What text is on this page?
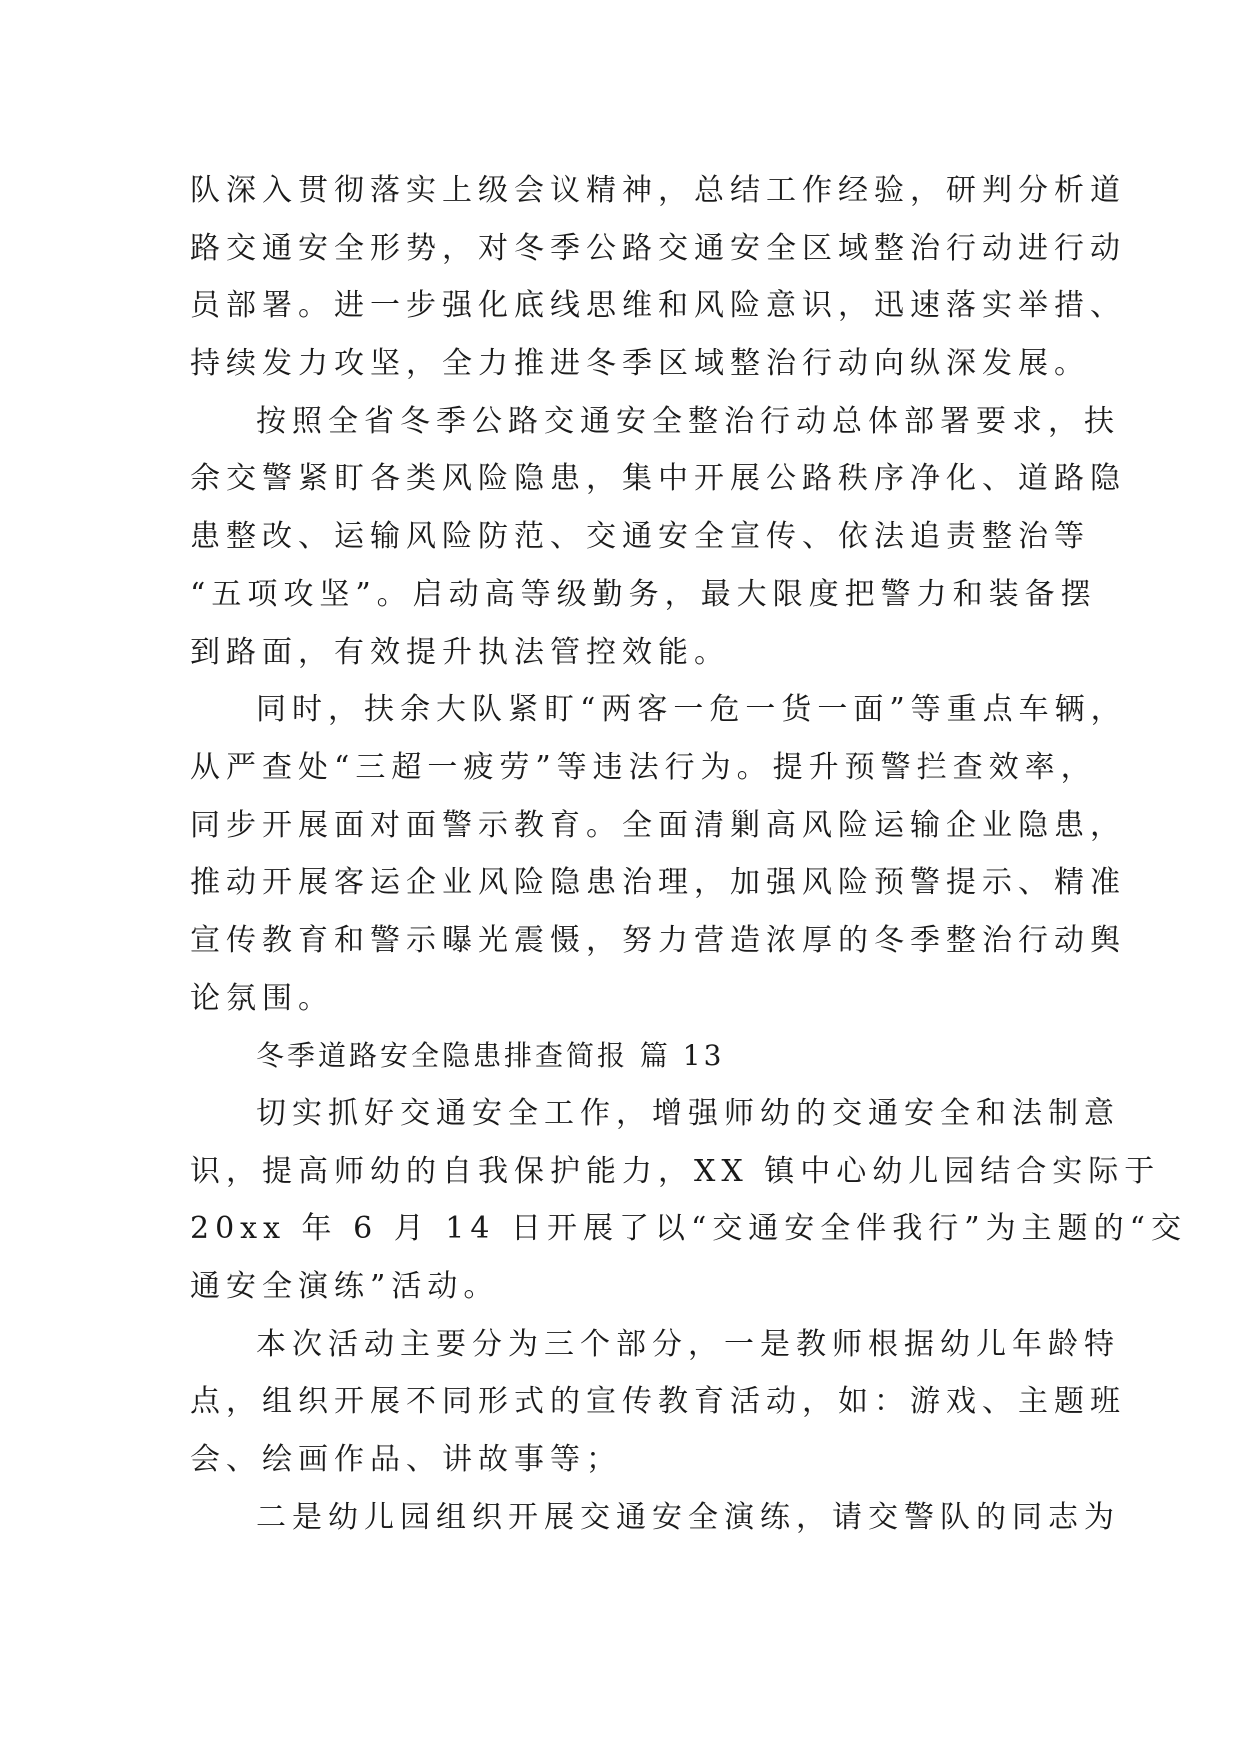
队深入贯彻落实上级会议精神，总结工作经验，研判分析道
路交通安全形势，对冬季公路交通安全区域整治行动进行动
员部署。进一步强化底线思维和风险意识，迅速落实举措、
持续发力攻坚，全力推进冬季区域整治行动向纵深发展。
按照全省冬季公路交通安全整治行动总体部署要求，扶
余交警紧盯各类风险隐患，集中开展公路秩序净化、道路隐
患整改、运输风险防范、交通安全宣传、依法追责整治等
“五项攻坚”。启动高等级勤务，最大限度把警力和装备摆
到路面，有效提升执法管控效能。
同时，扶余大队紧盯“两客一危一货一面”等重点车辆，
从严查处“三超一疲劳”等违法行为。提升预警拦查效率，
同步开展面对面警示教育。全面清剿高风险运输企业隐患，
推动开展客运企业风险隐患治理，加强风险预警提示、精准
宣传教育和警示曝光震慑，努力营造浓厚的冬季整治行动舆
论氛围。
冬季道路安全隐患排查简报 篇 13
切实抓好交通安全工作，增强师幼的交通安全和法制意
识，提高师幼的自我保护能力，XX 镇中心幼儿园结合实际于
20xx 年 6 月 14 日开展了以“交通安全伴我行”为主题的“交
通安全演练”活动。
本次活动主要分为三个部分，一是教师根据幼儿年龄特
点，组织开展不同形式的宣传教育活动，如：游戏、主题班
会、绘画作品、讲故事等；
二是幼儿园组织开展交通安全演练，请交警队的同志为
